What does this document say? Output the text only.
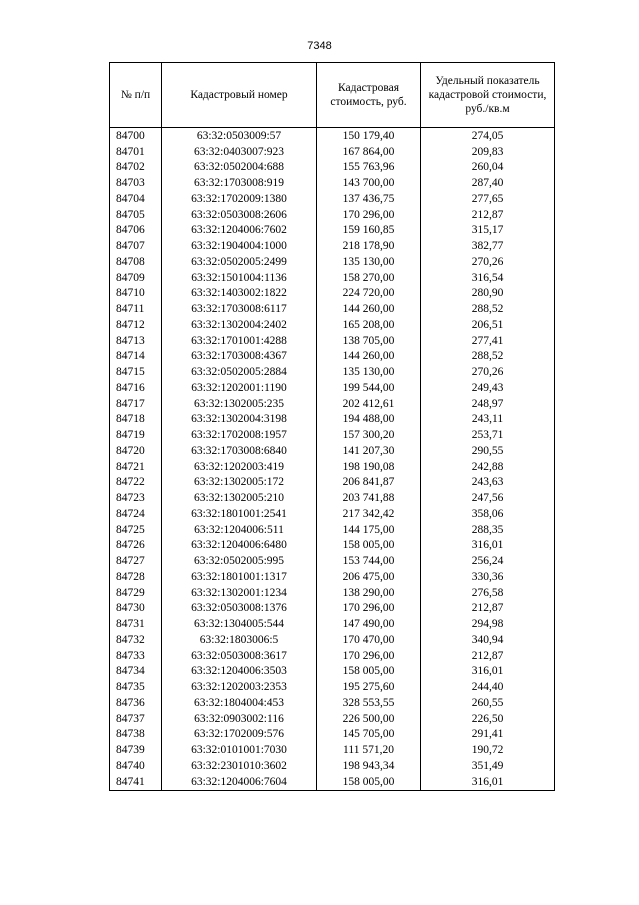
7348
№ п/п	Кадастровый номер	Кадастровая стоимость, руб.	Удельный показатель кадастровой стоимости, руб./кв.м
84700	63:32:0503009:57	150 179,40	274,05
84701	63:32:0403007:923	167 864,00	209,83
84702	63:32:0502004:688	155 763,96	260,04
84703	63:32:1703008:919	143 700,00	287,40
84704	63:32:1702009:1380	137 436,75	277,65
84705	63:32:0503008:2606	170 296,00	212,87
84706	63:32:1204006:7602	159 160,85	315,17
84707	63:32:1904004:1000	218 178,90	382,77
84708	63:32:0502005:2499	135 130,00	270,26
84709	63:32:1501004:1136	158 270,00	316,54
84710	63:32:1403002:1822	224 720,00	280,90
84711	63:32:1703008:6117	144 260,00	288,52
84712	63:32:1302004:2402	165 208,00	206,51
84713	63:32:1701001:4288	138 705,00	277,41
84714	63:32:1703008:4367	144 260,00	288,52
84715	63:32:0502005:2884	135 130,00	270,26
84716	63:32:1202001:1190	199 544,00	249,43
84717	63:32:1302005:235	202 412,61	248,97
84718	63:32:1302004:3198	194 488,00	243,11
84719	63:32:1702008:1957	157 300,20	253,71
84720	63:32:1703008:6840	141 207,30	290,55
84721	63:32:1202003:419	198 190,08	242,88
84722	63:32:1302005:172	206 841,87	243,63
84723	63:32:1302005:210	203 741,88	247,56
84724	63:32:1801001:2541	217 342,42	358,06
84725	63:32:1204006:511	144 175,00	288,35
84726	63:32:1204006:6480	158 005,00	316,01
84727	63:32:0502005:995	153 744,00	256,24
84728	63:32:1801001:1317	206 475,00	330,36
84729	63:32:1302001:1234	138 290,00	276,58
84730	63:32:0503008:1376	170 296,00	212,87
84731	63:32:1304005:544	147 490,00	294,98
84732	63:32:1803006:5	170 470,00	340,94
84733	63:32:0503008:3617	170 296,00	212,87
84734	63:32:1204006:3503	158 005,00	316,01
84735	63:32:1202003:2353	195 275,60	244,40
84736	63:32:1804004:453	328 553,55	260,55
84737	63:32:0903002:116	226 500,00	226,50
84738	63:32:1702009:576	145 705,00	291,41
84739	63:32:0101001:7030	111 571,20	190,72
84740	63:32:2301010:3602	198 943,34	351,49
84741	63:32:1204006:7604	158 005,00	316,01
